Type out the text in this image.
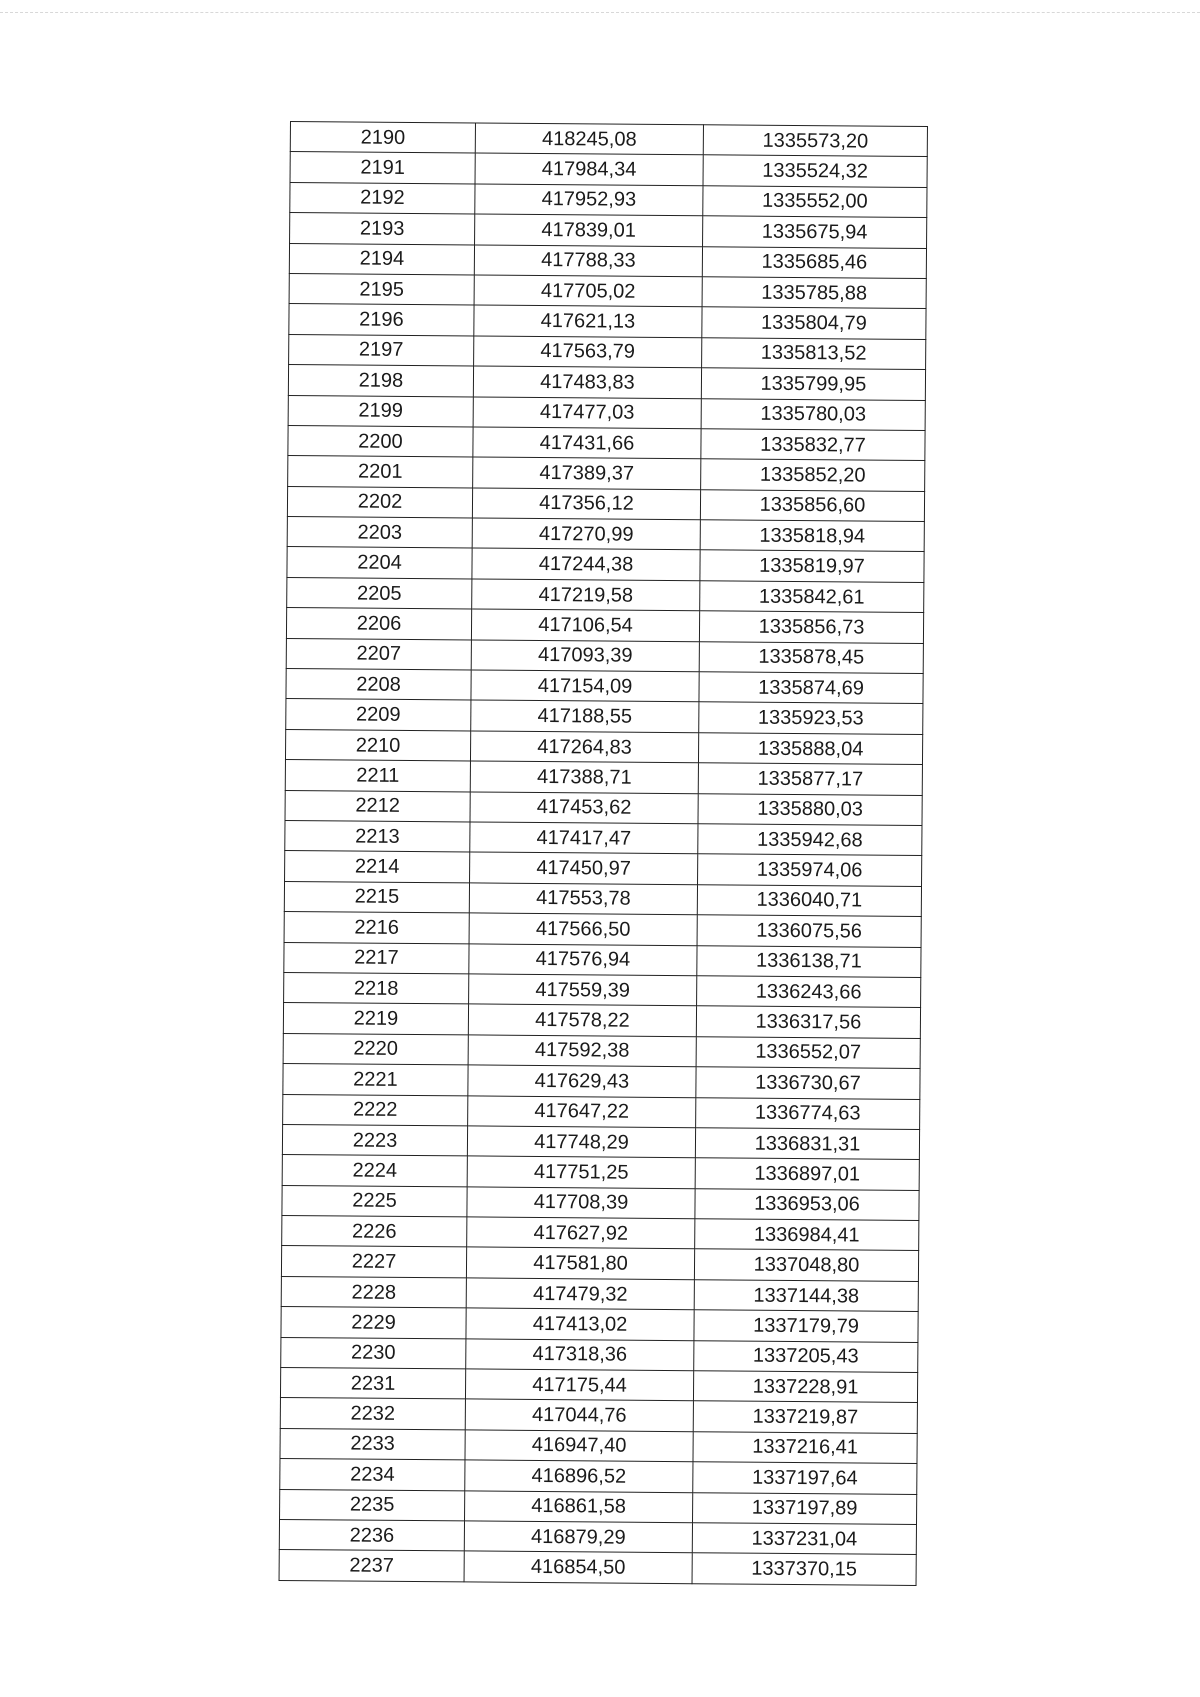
2190	418245,08	1335573,20
2191	417984,34	1335524,32
2192	417952,93	1335552,00
2193	417839,01	1335675,94
2194	417788,33	1335685,46
2195	417705,02	1335785,88
2196	417621,13	1335804,79
2197	417563,79	1335813,52
2198	417483,83	1335799,95
2199	417477,03	1335780,03
2200	417431,66	1335832,77
2201	417389,37	1335852,20
2202	417356,12	1335856,60
2203	417270,99	1335818,94
2204	417244,38	1335819,97
2205	417219,58	1335842,61
2206	417106,54	1335856,73
2207	417093,39	1335878,45
2208	417154,09	1335874,69
2209	417188,55	1335923,53
2210	417264,83	1335888,04
2211	417388,71	1335877,17
2212	417453,62	1335880,03
2213	417417,47	1335942,68
2214	417450,97	1335974,06
2215	417553,78	1336040,71
2216	417566,50	1336075,56
2217	417576,94	1336138,71
2218	417559,39	1336243,66
2219	417578,22	1336317,56
2220	417592,38	1336552,07
2221	417629,43	1336730,67
2222	417647,22	1336774,63
2223	417748,29	1336831,31
2224	417751,25	1336897,01
2225	417708,39	1336953,06
2226	417627,92	1336984,41
2227	417581,80	1337048,80
2228	417479,32	1337144,38
2229	417413,02	1337179,79
2230	417318,36	1337205,43
2231	417175,44	1337228,91
2232	417044,76	1337219,87
2233	416947,40	1337216,41
2234	416896,52	1337197,64
2235	416861,58	1337197,89
2236	416879,29	1337231,04
2237	416854,50	1337370,15
